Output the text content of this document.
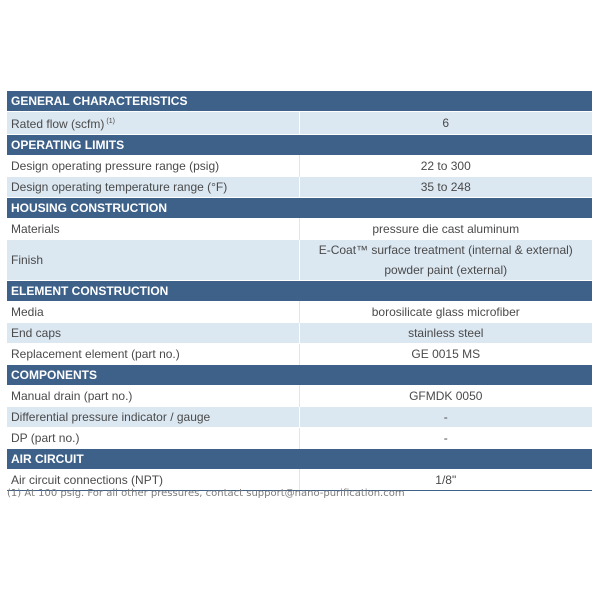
GENERAL CHARACTERISTICS	
Rated flow (scfm) $^{(1)}$	6
OPERATING LIMITS	
Design operating pressure range (psig)	22 to 300
Design operating temperature range (°F)	35 to 248
HOUSING CONSTRUCTION	
Materials	pressure die cast aluminum
Finish	E-Coat™ surface treatment (internal & external)
powder paint (external)

ELEMENT CONSTRUCTION	
Media	borosilicate glass microfiber
End caps	stainless steel
Replacement element (part no.)	GE 0015 MS
COMPONENTS	
Manual drain (part no.)	GFMDK 0050
Differential pressure indicator / gauge	-
DP (part no.)	-
AIR CIRCUIT	
Air circuit connections (NPT)	1/8"
(1) At 100 psig. For all other pressures, contact support@nano-purification.com
